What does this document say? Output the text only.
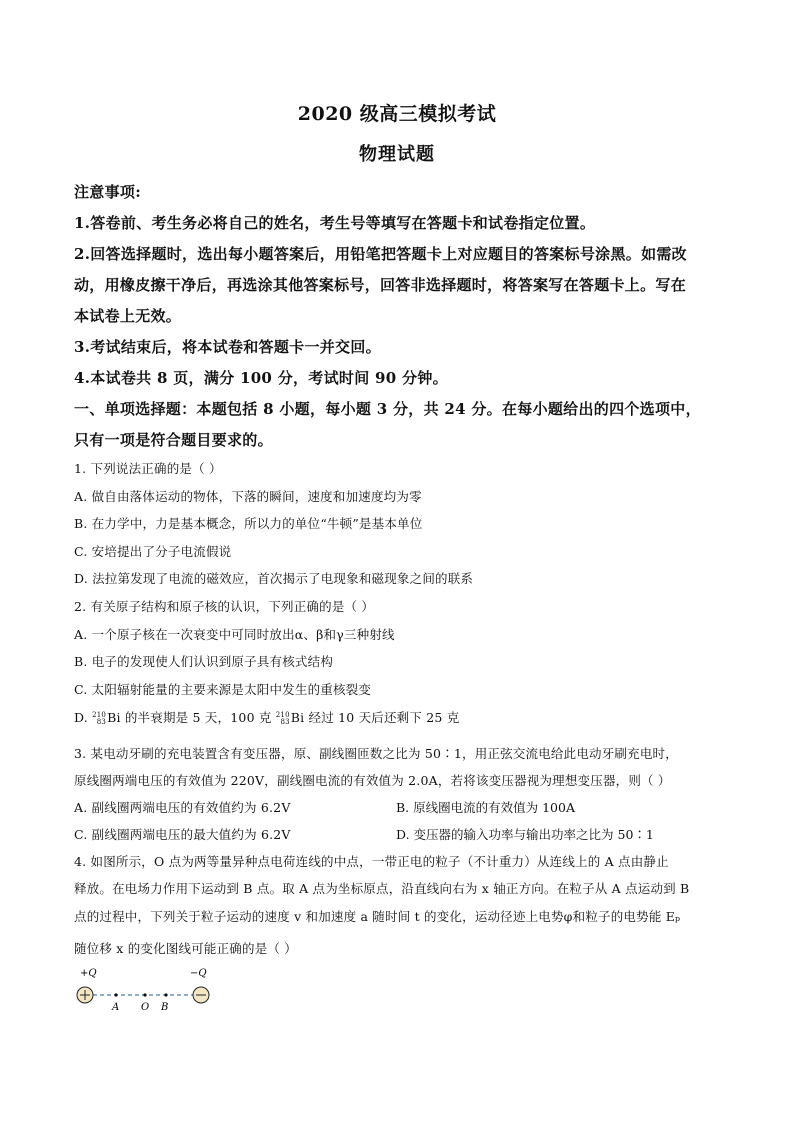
2020 级高三模拟考试
物理试题
注意事项:
1.答卷前、考生务必将自己的姓名，考生号等填写在答题卡和试卷指定位置。
2.回答选择题时，选出每小题答案后，用铅笔把答题卡上对应题目的答案标号涂黑。如需改
动，用橡皮擦干净后，再选涂其他答案标号，回答非选择题时，将答案写在答题卡上。写在
本试卷上无效。
3.考试结束后，将本试卷和答题卡一并交回。
4.本试卷共 8 页，满分 100 分，考试时间 90 分钟。
一、单项选择题：本题包括 8 小题，每小题 3 分，共 24 分。在每小题给出的四个选项中，
只有一项是符合题目要求的。
1. 下列说法正确的是（ ）
A. 做自由落体运动的物体，下落的瞬间，速度和加速度均为零
B. 在力学中，力是基本概念，所以力的单位“牛顿”是基本单位
C. 安培提出了分子电流假说
D. 法拉第发现了电流的磁效应，首次揭示了电现象和磁现象之间的联系
2. 有关原子结构和原子核的认识，下列正确的是（ ）
A. 一个原子核在一次衰变中可同时放出α、β和γ三种射线
B. 电子的发现使人们认识到原子具有核式结构
C. 太阳辐射能量的主要来源是太阳中发生的重核裂变
D. 210
83 Bi 的半衰期是 5 天，100 克 210
83 Bi 经过 10 天后还剩下 25 克
3. 某电动牙刷的充电装置含有变压器，原、副线圈匝数之比为 50∶1，用正弦交流电给此电动牙刷充电时，
原线圈两端电压的有效值为 220V，副线圈电流的有效值为 2.0A，若将该变压器视为理想变压器，则（ ）
A. 副线圈两端电压的有效值约为 6.2V	B. 原线圈电流的有效值为 100A
C. 副线圈两端电压的最大值约为 6.2V	D. 变压器的输入功率与输出功率之比为 50∶1
4. 如图所示，O 点为两等量异种点电荷连线的中点，一带正电的粒子（不计重力）从连线上的 A 点由静止
释放。在电场力作用下运动到 B 点。取 A 点为坐标原点，沿直线向右为 x 轴正方向。在粒子从 A 点运动到 B
点的过程中，下列关于粒子运动的速度 v 和加速度 a 随时间 t 的变化，运动径迹上电势φ和粒子的电势能 Eₚ
随位移 x 的变化图线可能正确的是（ ）
+Q	−Q
A O B
